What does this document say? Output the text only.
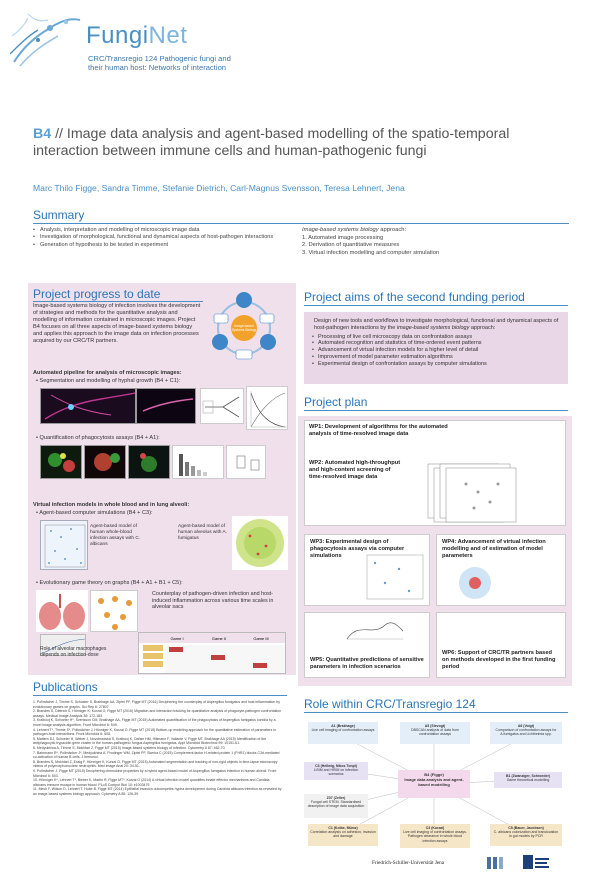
FungiNet
CRC/Transregio 124 Pathogenic fungi and
their human host: Networks of interaction
B4 // Image data analysis and agent-based modelling of the spatio-temporal interaction between immune cells and human-pathogenic fungi
Marc Thilo Figge, Sandra Timme, Stefanie Dietrich, Carl-Magnus Svensson, Teresa Lehnert, Jena
Summary
• Analysis, interpretation and modelling of microscopic image data
• Investigation of morphological, functional and dynamical aspects of host-pathogen interactions
• Generation of hypothesis to be tested in experiment
Image-based systems biology approach:
1. Automated image processing
2. Derivation of quantitative measures
3. Virtual infection modelling and computer simulation
Project progress to date
Image-based systems biology of infection involves the development of strategies and methods for the quantitative analysis and modelling of information contained in microscopic images. Project B4 focuses on all three aspects of image-based systems biology and applies this approach to the image data on infection processes acquired by our CRC/TR partners.
Image-based
Systems Biology
Automated pipeline for analysis of microscopic images:
• Segmentation and modelling of hyphal growth (B4 + C1):
• Quantification of phagocytosis assays (B4 + A1):
Virtual infection models in whole blood and in lung alveoli:
• Agent-based computer simulations (B4 + C3):
Agent-based model of human whole-blood infection assays with C. albicans
Agent-based model of human alveolus with A. fumigatus
• Evolutionary game theory on graphs (B4 + A1 + B1 + C5):
Counterplay of pathogen-driven infection and host-induced inflammation across various time scales in alveolar sacs
Role of alveolar macrophages depends on infection-dose
Game I	Game II	Game III
Publications
1. Pollmächer J, Timme S, Schuster S, Brakhage AA, Zipfel PF, Figge MT (2016) Deciphering the counterplay of Aspergillus fumigatus and host inflammation by evolutionary games on graphs. Sci Rep 6: 27807.
2. Brandes S, Dietrich S, Hünniger K, Kurzai O, Figge MT (2016) Migration and interaction tracking for quantitative analysis of phagocyte-pathogen confrontation assays. Medical Image Analysis 36: 172-183.
3. Kraibooj K, Schoeler H*, Svensson CM, Brakhage AA, Figge MT (2015) Automated quantification of the phagocytosis of Aspergillus fumigatus conidia by a novel image analysis algorithm. Front Microbiol 6: 549.
4. Lehnert T*, Timme S*, Pollmächer J, Hünniger K, Kurzai O, Figge MT (2015) Bottom-up modeling approach for the quantitative estimation of parameters in pathogen-host interactions. Front Microbiol 6: 608.
5. Mattern DJ, Schoeler H, Weber J, Novohradská S, Kraibooj K, Dahse HM, Hillmann F, Valiante V, Figge MT, Brakhage AA (2015) Identification of the antiphagocytic trypacidin gene cluster in the human-pathogenic fungus Aspergillus fumigatus. Appl Microbiol Biotechnol 99: 10151-61.
6. Medyukhina A, Timme S, Mokhtari Z, Figge MT (2015) Image-based systems biology of infection. Cytometry A 87: 462-70.
7. Bahrmann R*, Pollmächer J*, Medyukhina A, Prodinger WM, Zipfel PF, Skerka C (2015) Complement factor H-related protein 1 (FHR1) blocks C3d-mediated co-activation of human B cells. J Immunol.
8. Brandes S, Mokhtari Z, Essig F, Hünniger K, Kurzai O, Figge MT (2015) Automated segmentation and tracking of non-rigid objects in time-lapse microscopy videos of polymorphonuclear neutrophils. Med Image Anal 20: 34-51.
9. Pollmächer J, Figge MT (2015) Deciphering chemokine properties by a hybrid agent-based model of Aspergillus fumigatus infection in human alveoli. Front Microbiol 6: 503.
10. Hünniger K*, Lehnert T*, Bieber K, Martin R, Figge MT*, Kurzai O (2014) A virtual infection model quantifies innate effector mechanisms and Candida albicans immune escape in human blood. PLoS Comput Biol 10: e1003479.
11. Mech F, Wilson D, Lehnert T, Hube B, Figge MT (2014) Epithelial invasion outcompetes hypha development during Candida albicans infection as revealed by an image-based systems biology approach. Cytometry A 85: 126-39.
Project aims of the second funding period
Design of new tools and workflows to investigate morphological, functional and dynamical aspects of host-pathogen interactions by the image-based systems biology approach:
• Processing of live cell microscopy data on confrontation assays
• Automated recognition and statistics of time-ordered event patterns
• Advancement of virtual infection models for a higher level of detail
• Improvement of model parameter estimation algorithms
• Experimental design of confrontation assays by computer simulations
Project plan
WP1: Development of algorithms for the automated analysis of time-resolved image data
WP2: Automated high-throughput and high-content screening of time-resolved image data
WP3: Experimental design of phagocytosis assays via computer simulations
WP4: Advancement of virtual infection modelling and of estimation of model parameters
WP5: Quantitative predictions of sensitive parameters in infection scenarios
WP6: Support of CRC/TR partners based on methods developed in the first funding period
Role within CRC/Transregio 124
A1 (Brakhage)
Live cell imaging of confrontation assays
A5 (Slevogt)
DBSCAN analysis of data from confrontation assays
A6 (Voigt)
Comparison of confrontation assays for A.fumigatus and Lichtheimia spp.
C3 (Hellwig, Nikos Tonpi)
LiSIM and HRIM on infection scenarios	B4 (Figge)
Image data analysis and agent-based modelling
B1 (Zwanziger, Schroeder)
Game theoretical modelling
Z07 (Zeller)
Fungal cell STEM. Standardised description of image data acquisition
C1 (Kolbe, Mümz)
Correlation analysis on adhesion, invasion and damage
C3 (Kurzai)
Live cell imaging of confrontation assays. Pathogen clearance in whole blood infection assays
C5 (Bauer, Jacobsen)
C. albicans colonization and translocation in gut models by PCR
Friedrich-Schiller-Universität Jena
